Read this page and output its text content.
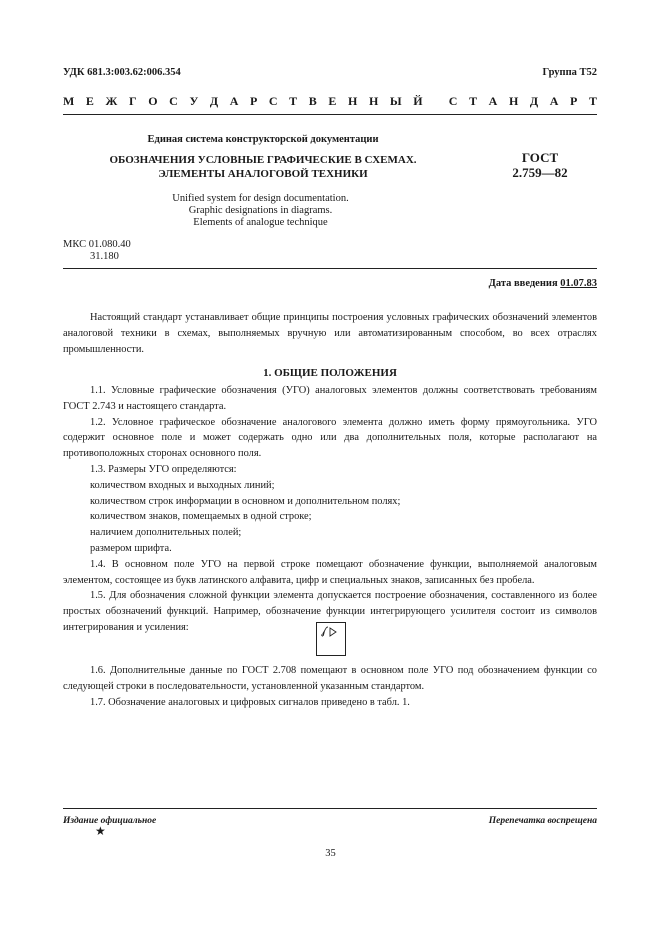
УДК 681.3:003.62:006.354	Группа Т52
М Е Ж Г О С У Д А Р С Т В Е Н Н Ы Й
С Т А Н Д А Р Т
Единая система конструкторской документации
ОБОЗНАЧЕНИЯ УСЛОВНЫЕ ГРАФИЧЕСКИЕ В СХЕМАХ.
ЭЛЕМЕНТЫ АНАЛОГОВОЙ ТЕХНИКИ
ГОСТ
2.759—82
Unified system for design documentation.
Graphic designations in diagrams.
Elements of analogue technique
МКС 01.080.40
31.180
Дата введения 01.07.83

Настоящий стандарт устанавливает общие принципы построения условных графических обозначений элементов аналоговой техники в схемах, выполняемых вручную или автоматизированным способом, во всех отраслях промышленности.

1. ОБЩИЕ ПОЛОЖЕНИЯ

1.1. Условные графические обозначения (УГО) аналоговых элементов должны соответствовать требованиям ГОСТ 2.743 и настоящего стандарта.

1.2. Условное графическое обозначение аналогового элемента должно иметь форму прямоугольника. УГО содержит основное поле и может содержать одно или два дополнительных поля, которые располагают на противоположных сторонах основного поля.

1.3. Размеры УГО определяются:

количеством входных и выходных линий;

количеством строк информации в основном и дополнительном полях;

количеством знаков, помещаемых в одной строке;

наличием дополнительных полей;

размером шрифта.

1.4. В основном поле УГО на первой строке помещают обозначение функции, выполняемой аналоговым элементом, состоящее из букв латинского алфавита, цифр и специальных знаков, записанных без пробела.

1.5. Для обозначения сложной функции элемента допускается построение обозначения, составленного из более простых обозначений функций. Например, обозначение функции интегрирующего усилителя состоит из символов интегрирования и усиления:

1.6. Дополнительные данные по ГОСТ 2.708 помещают в основном поле УГО под обозначением функции со следующей строки в последовательности, установленной указанным стандартом.

1.7. Обозначение аналоговых и цифровых сигналов приведено в табл. 1.

Издание официальное
★
Перепечатка воспрещена
35
